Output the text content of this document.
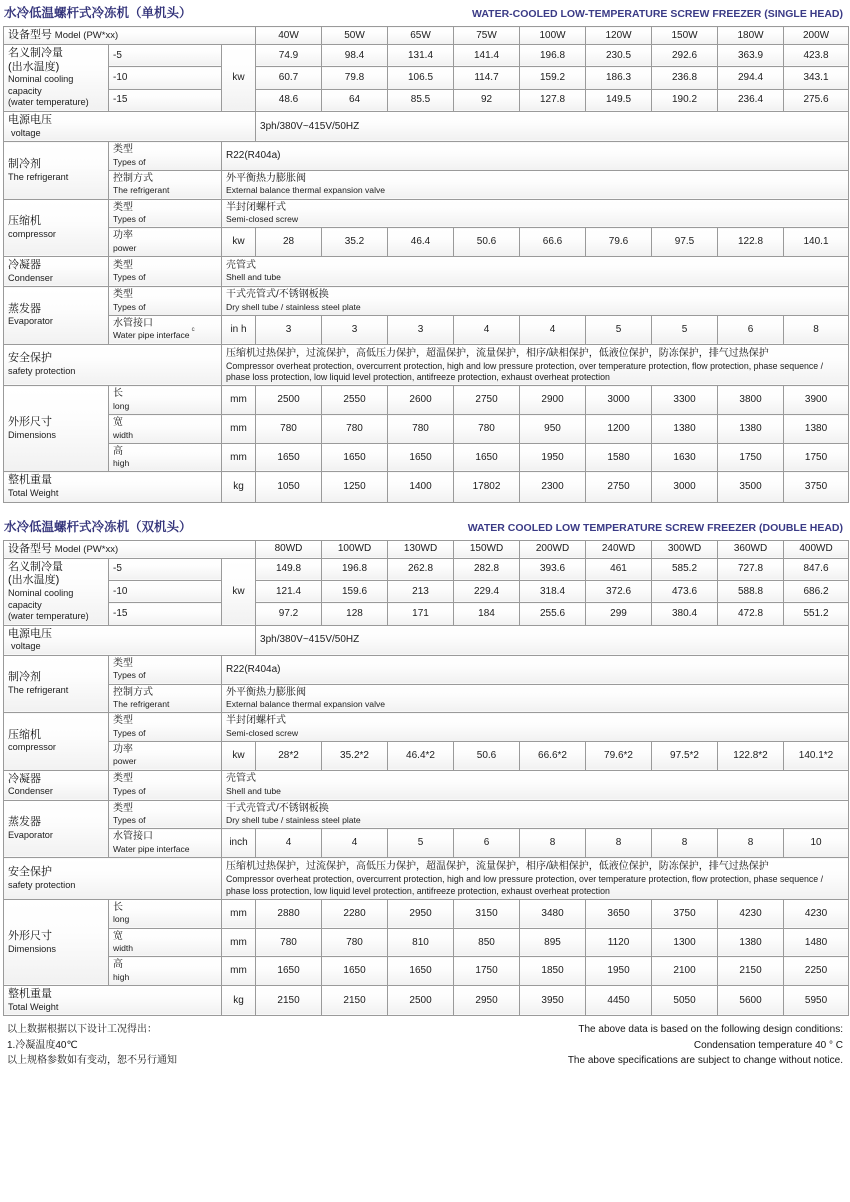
水冷低温螺杆式冷冻机（单机头）	WATER-COOLED LOW-TEMPERATURE SCREW FREEZER (SINGLE HEAD)
设备型号 Model (PW*xx)			40W	50W	65W	75W	100W	120W	150W	180W	200W

名义制冷量
(出水温度)
Nominal cooling
capacity
(water temperature)	-5	kw	74.9	98.4	131.4	141.4	196.8	230.5	292.6	363.9	423.8
	-10		60.7	79.8	106.5	114.7	159.2	186.3	236.8	294.4	343.1
	-15		48.6	64	85.5	92	127.8	149.5	190.2	236.4	275.6

电源电压
voltage			3ph/380V~415V/50HZ								

制冷剂
The refrigerant	类型
Types of	R22(R404a)									

	控制方式
The refrigerant	外平衡热力膨胀阀
External balance thermal expansion valve									

压缩机
compressor	类型
Types of	半封闭螺杆式
Semi-closed screw									

	功率
power	kw	28	35.2	46.4	50.6	66.6	79.6	97.5	122.8	140.1

冷凝器
Condenser	类型
Types of	壳管式
Shell and tube									

蒸发器
Evaporator	类型
Types of	干式壳管式/不锈钢板换
Dry shell tube / stainless steel plate									

	水管接口
Water pipe interface $^c$	in h	3	3	3	4	4	5	5	6	8

安全保护
safety protection		压缩机过热保护，过流保护，高低压力保护，超温保护，流量保护，相序/缺相保护，低液位保护，防冻保护，排气过热保护
Compressor overheat protection, overcurrent protection, high and low pressure protection, over temperature protection, flow protection, phase sequence / phase loss protection, low liquid level protection, antifreeze protection, exhaust overheat protection									

外形尺寸
Dimensions	长
long	mm	2500	2550	2600	2750	2900	3000	3300	3800	3900

	宽
width	mm	780	780	780	780	950	1200	1380	1380	1380

	高
high	mm	1650	1650	1650	1650	1950	1580	1630	1750	1750

整机重量
Total Weight		kg	1050	1250	1400	17802	2300	2750	3000	3500	3750
水冷低温螺杆式冷冻机（双机头）	WATER COOLED LOW TEMPERATURE SCREW FREEZER (DOUBLE HEAD)
设备型号 Model (PW*xx)			80WD	100WD	130WD	150WD	200WD	240WD	300WD	360WD	400WD

名义制冷量
(出水温度)
Nominal cooling
capacity
(water temperature)	-5	kw	149.8	196.8	262.8	282.8	393.6	461	585.2	727.8	847.6
	-10		121.4	159.6	213	229.4	318.4	372.6	473.6	588.8	686.2
	-15		97.2	128	171	184	255.6	299	380.4	472.8	551.2

电源电压
voltage			3ph/380V~415V/50HZ								

制冷剂
The refrigerant	类型
Types of	R22(R404a)									

	控制方式
The refrigerant	外平衡热力膨胀阀
External balance thermal expansion valve									

压缩机
compressor	类型
Types of	半封闭螺杆式
Semi-closed screw									

	功率
power	kw	28*2	35.2*2	46.4*2	50.6	66.6*2	79.6*2	97.5*2	122.8*2	140.1*2

冷凝器
Condenser	类型
Types of	壳管式
Shell and tube									

蒸发器
Evaporator	类型
Types of	干式壳管式/不锈钢板换
Dry shell tube / stainless steel plate									

	水管接口
Water pipe interface	inch	4	4	5	6	8	8	8	8	10

安全保护
safety protection		压缩机过热保护，过流保护，高低压力保护，超温保护，流量保护，相序/缺相保护，低液位保护，防冻保护，排气过热保护
Compressor overheat protection, overcurrent protection, high and low pressure protection, over temperature protection, flow protection, phase sequence / phase loss protection, low liquid level protection, antifreeze protection, exhaust overheat protection									

外形尺寸
Dimensions	长
long	mm	2880	2280	2950	3150	3480	3650	3750	4230	4230

	宽
width	mm	780	780	810	850	895	1120	1300	1380	1480

	高
high	mm	1650	1650	1650	1750	1850	1950	2100	2150	2250

整机重量
Total Weight		kg	2150	2150	2500	2950	3950	4450	5050	5600	5950
以上数据根据以下设计工况得出：
1.冷凝温度40℃
以上规格参数如有变动，恕不另行通知
The above data is based on the following design conditions:
Condensation temperature 40 ° C
The above specifications are subject to change without notice.
